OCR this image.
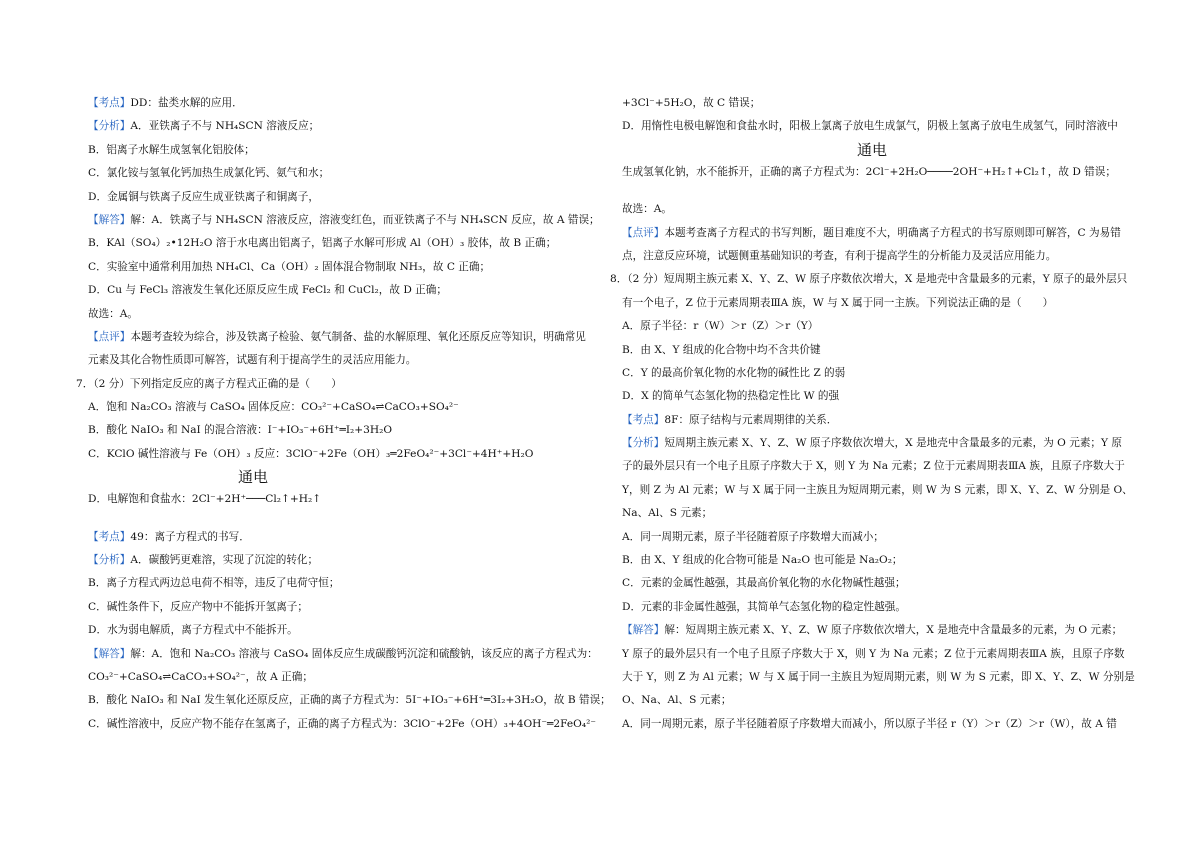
【考点】DD：盐类水解的应用．
【分析】A．亚铁离子不与 NH₄SCN 溶液反应；
B．铝离子水解生成氢氧化铝胶体；
C．氯化铵与氢氧化钙加热生成氯化钙、氨气和水；
D．金属铜与铁离子反应生成亚铁离子和铜离子，
【解答】解：A．铁离子与 NH₄SCN 溶液反应，溶液变红色，而亚铁离子不与 NH₄SCN 反应，故 A 错误；
B．KAl（SO₄）₂•12H₂O 溶于水电离出铝离子，铝离子水解可形成 Al（OH）₃ 胶体，故 B 正确；
C．实验室中通常利用加热 NH₄Cl、Ca（OH）₂ 固体混合物制取 NH₃，故 C 正确；
D．Cu 与 FeCl₃ 溶液发生氧化还原反应生成 FeCl₂ 和 CuCl₂，故 D 正确；
故选：A。
【点评】本题考查较为综合，涉及铁离子检验、氨气制备、盐的水解原理、氧化还原反应等知识，明确常见
元素及其化合物性质即可解答，试题有利于提高学生的灵活应用能力。
7．（2 分）下列指定反应的离子方程式正确的是（　　）
A．饱和 Na₂CO₃ 溶液与 CaSO₄ 固体反应：CO₃²⁻+CaSO₄⇌CaCO₃+SO₄²⁻
B．酸化 NaIO₃ 和 NaI 的混合溶液：I⁻+IO₃⁻+6H⁺═I₂+3H₂O
C．KClO 碱性溶液与 Fe（OH）₃ 反应：3ClO⁻+2Fe（OH）₃═2FeO₄²⁻+3Cl⁻+4H⁺+H₂O
通电
D．电解饱和食盐水：2Cl⁻+2H⁺───Cl₂↑+H₂↑
【考点】49：离子方程式的书写．
【分析】A．碳酸钙更难溶，实现了沉淀的转化；
B．离子方程式两边总电荷不相等，违反了电荷守恒；
C．碱性条件下，反应产物中不能拆开氢离子；
D．水为弱电解质，离子方程式中不能拆开。
【解答】解：A．饱和 Na₂CO₃ 溶液与 CaSO₄ 固体反应生成碳酸钙沉淀和硫酸钠，该反应的离子方程式为：
CO₃²⁻+CaSO₄⇌CaCO₃+SO₄²⁻，故 A 正确；
B．酸化 NaIO₃ 和 NaI 发生氧化还原反应，正确的离子方程式为：5I⁻+IO₃⁻+6H⁺═3I₂+3H₂O，故 B 错误；
C．碱性溶液中，反应产物不能存在氢离子，正确的离子方程式为：3ClO⁻+2Fe（OH）₃+4OH⁻═2FeO₄²⁻
+3Cl⁻+5H₂O，故 C 错误；
D．用惰性电极电解饱和食盐水时，阳极上氯离子放电生成氯气，阴极上氢离子放电生成氢气，同时溶液中
通电
生成氢氧化钠，水不能拆开，正确的离子方程式为：2Cl⁻+2H₂O────2OH⁻+H₂↑+Cl₂↑，故 D 错误；
故选：A。
【点评】本题考查离子方程式的书写判断，题目难度不大，明确离子方程式的书写原则即可解答，C 为易错
点，注意反应环境，试题侧重基础知识的考查，有利于提高学生的分析能力及灵活应用能力。
8．（2 分）短周期主族元素 X、Y、Z、W 原子序数依次增大，X 是地壳中含量最多的元素，Y 原子的最外层只
有一个电子，Z 位于元素周期表ⅢA 族，W 与 X 属于同一主族。下列说法正确的是（　　）
A．原子半径：r（W）＞r（Z）＞r（Y）
B．由 X、Y 组成的化合物中均不含共价键
C．Y 的最高价氧化物的水化物的碱性比 Z 的弱
D．X 的简单气态氢化物的热稳定性比 W 的强
【考点】8F：原子结构与元素周期律的关系．
【分析】短周期主族元素 X、Y、Z、W 原子序数依次增大，X 是地壳中含量最多的元素，为 O 元素；Y 原
子的最外层只有一个电子且原子序数大于 X，则 Y 为 Na 元素；Z 位于元素周期表ⅢA 族，且原子序数大于
Y，则 Z 为 Al 元素；W 与 X 属于同一主族且为短周期元素，则 W 为 S 元素，即 X、Y、Z、W 分别是 O、
Na、Al、S 元素；
A．同一周期元素，原子半径随着原子序数增大而减小；
B．由 X、Y 组成的化合物可能是 Na₂O 也可能是 Na₂O₂；
C．元素的金属性越强，其最高价氧化物的水化物碱性越强；
D．元素的非金属性越强，其简单气态氢化物的稳定性越强。
【解答】解：短周期主族元素 X、Y、Z、W 原子序数依次增大，X 是地壳中含量最多的元素，为 O 元素；
Y 原子的最外层只有一个电子且原子序数大于 X，则 Y 为 Na 元素；Z 位于元素周期表ⅢA 族，且原子序数
大于 Y，则 Z 为 Al 元素；W 与 X 属于同一主族且为短周期元素，则 W 为 S 元素，即 X、Y、Z、W 分别是
O、Na、Al、S 元素；
A．同一周期元素，原子半径随着原子序数增大而减小，所以原子半径 r（Y）＞r（Z）＞r（W），故 A 错
